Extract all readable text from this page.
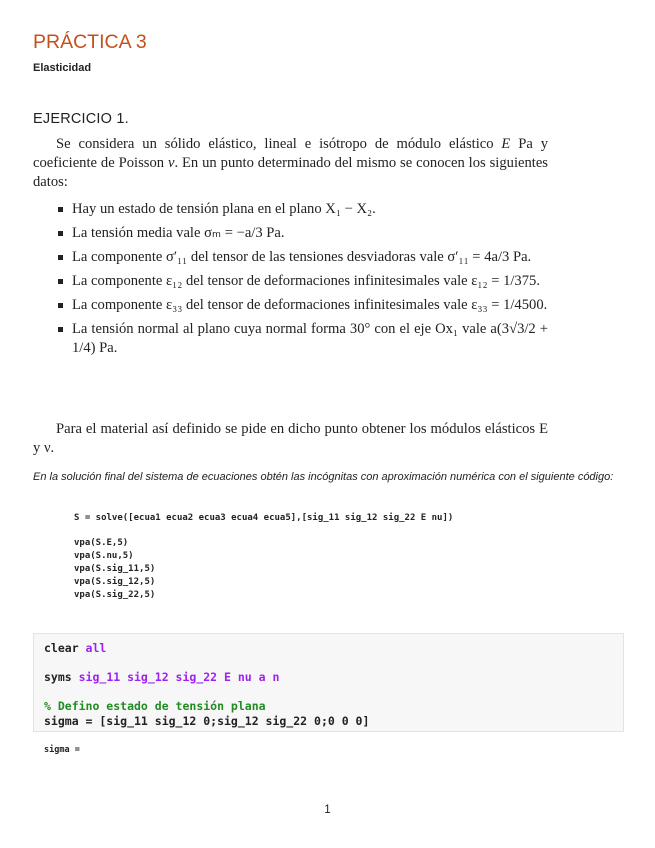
PRÁCTICA 3
Elasticidad
EJERCICIO 1.
Se considera un sólido elástico, lineal e isótropo de módulo elástico E Pa y coeficiente de Poisson ν. En un punto determinado del mismo se conocen los siguientes datos:
Hay un estado de tensión plana en el plano X₁ − X₂.
La tensión media vale σₘ = −a/3 Pa.
La componente σ′₁₁ del tensor de las tensiones desviadoras vale σ′₁₁ = 4a/3 Pa.
La componente ε₁₂ del tensor de deformaciones infinitesimales vale ε₁₂ = 1/375.
La componente ε₃₃ del tensor de deformaciones infinitesimales vale ε₃₃ = 1/4500.
La tensión normal al plano cuya normal forma 30° con el eje Ox₁ vale a(3√3/2 + 1/4) Pa.
Para el material así definido se pide en dicho punto obtener los módulos elásticos E y ν.
En la solución final del sistema de ecuaciones obtén las incógnitas con aproximación numérica con el siguiente código:
S = solve([ecua1 ecua2 ecua3 ecua4 ecua5],[sig_11 sig_12 sig_22 E nu])
vpa(S.E,5)
vpa(S.nu,5)
vpa(S.sig_11,5)
vpa(S.sig_12,5)
vpa(S.sig_22,5)
clear all
syms sig_11 sig_12 sig_22 E nu a n
% Defino estado de tensión plana
sigma = [sig_11 sig_12 0;sig_12 sig_22 0;0 0 0]
sigma =
1
